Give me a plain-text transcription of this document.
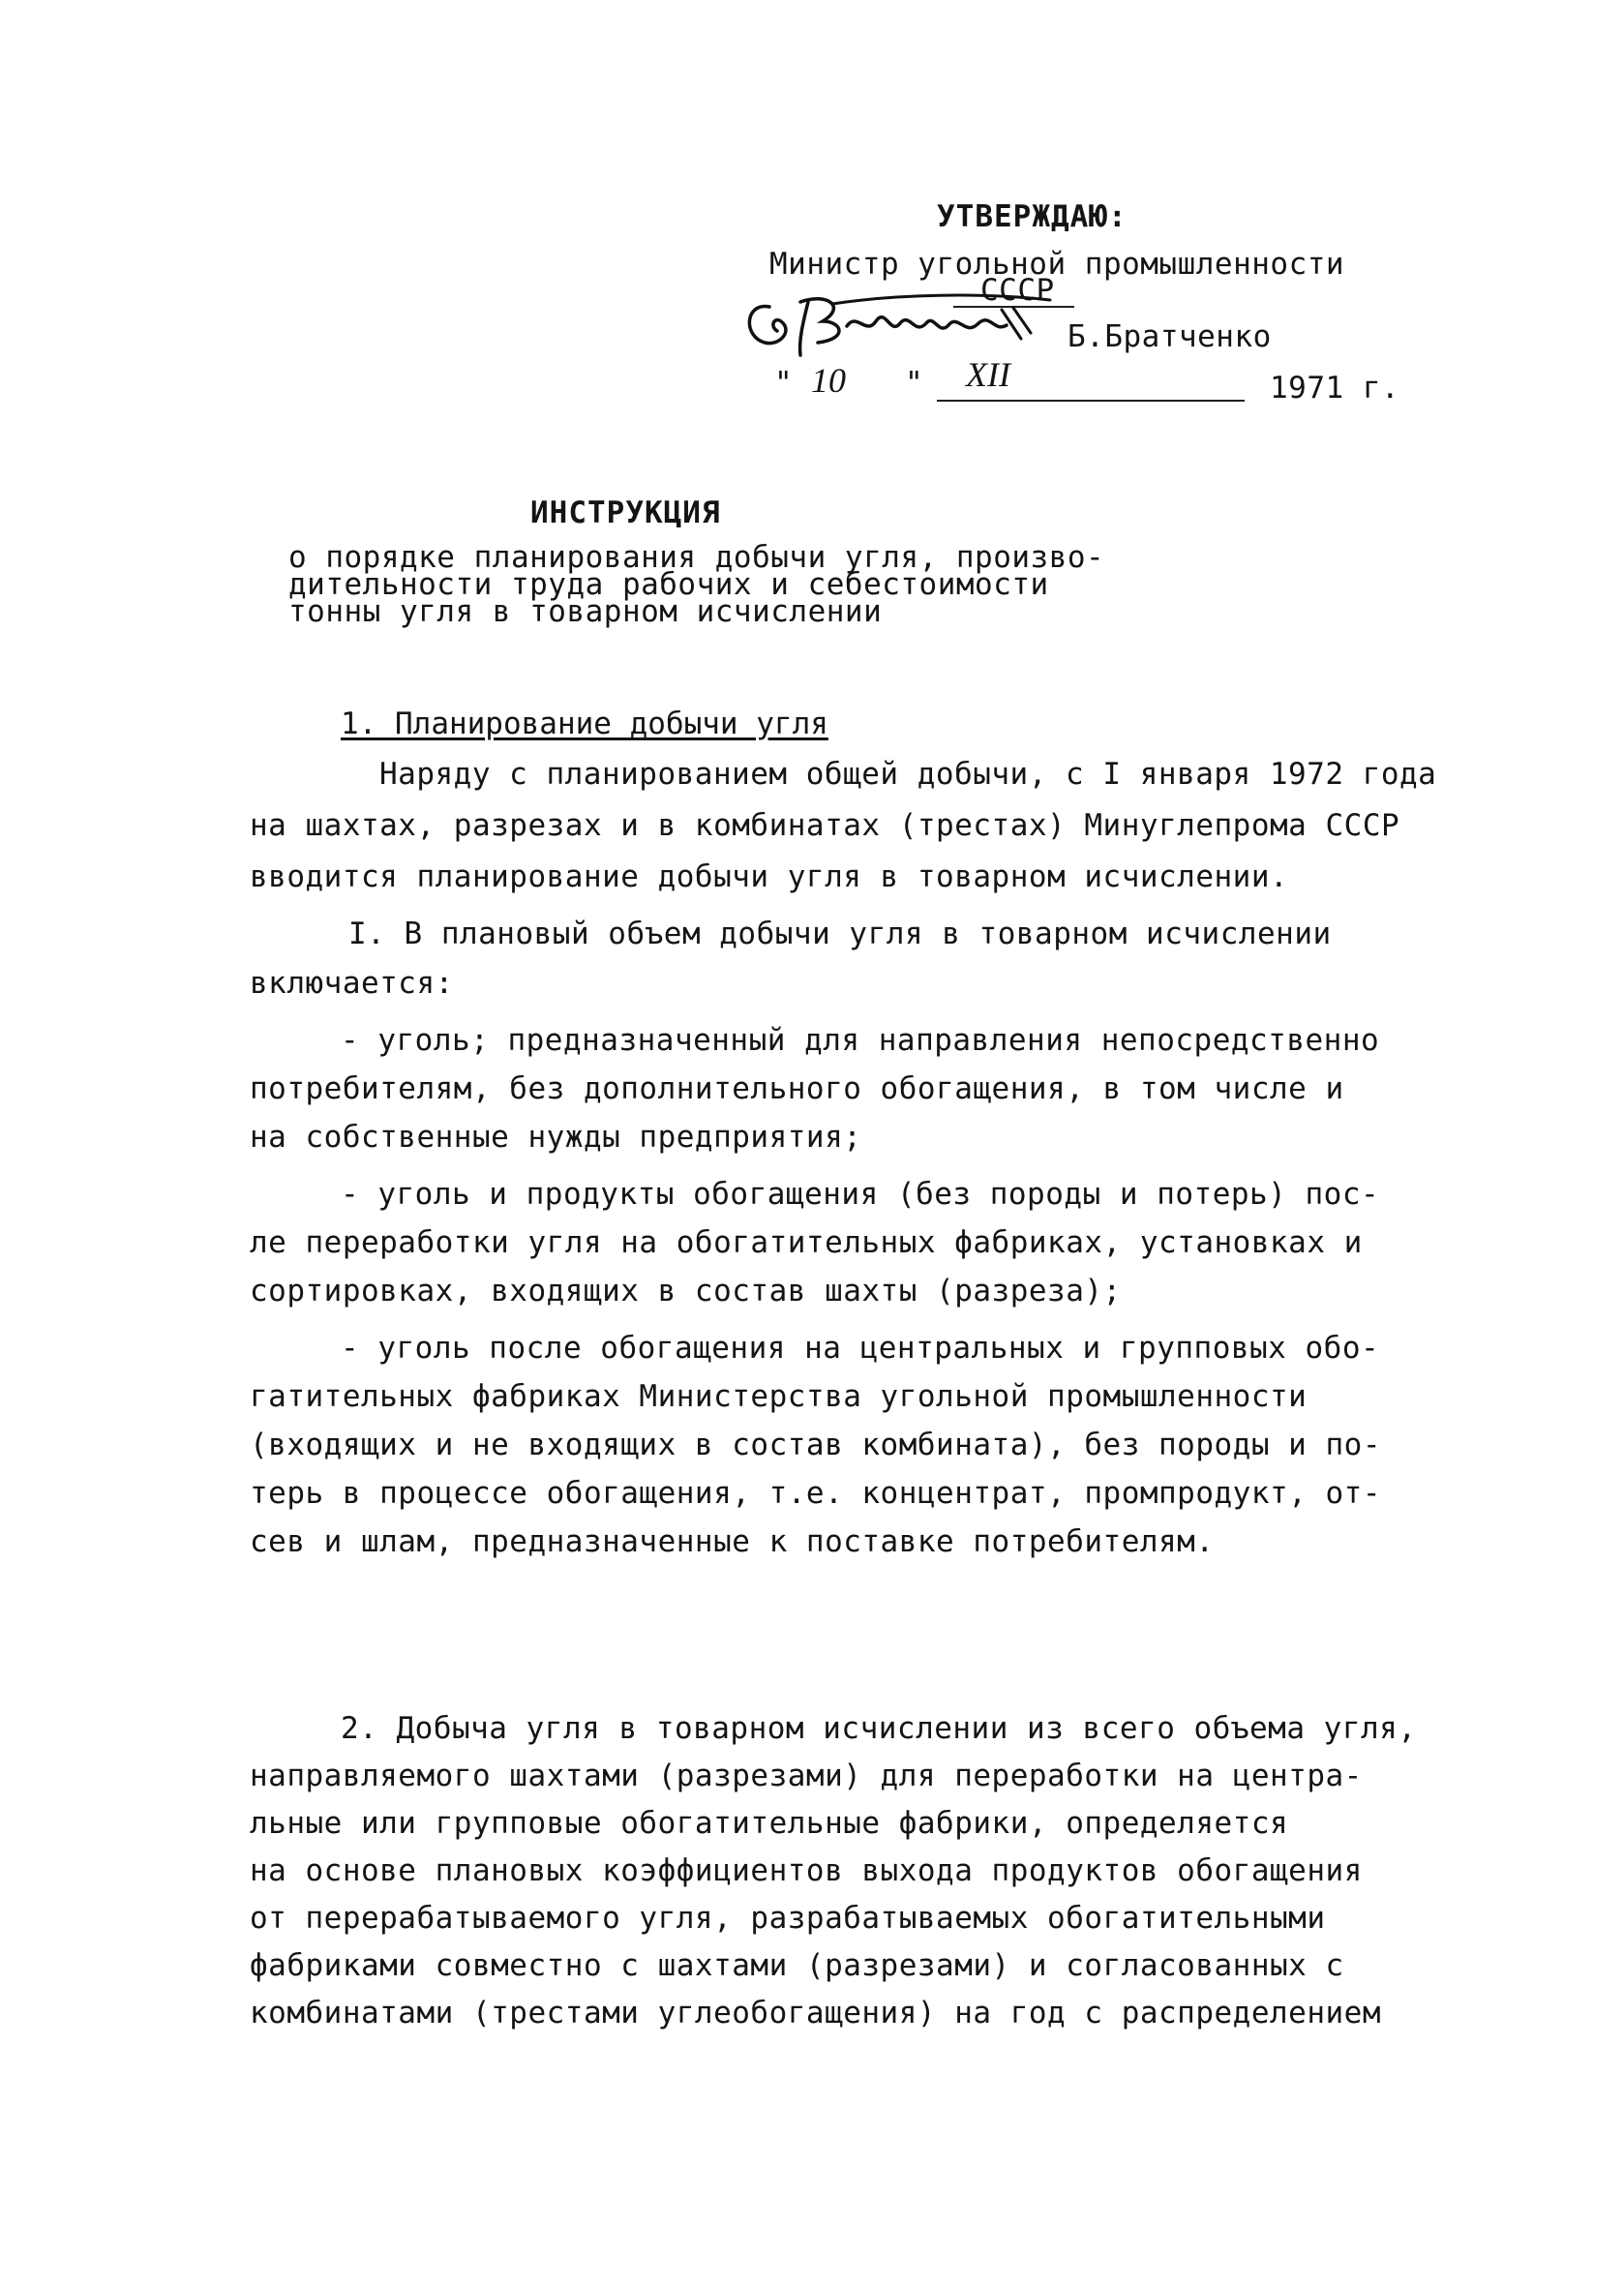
УТВЕРЖДАЮ:
Министр угольной промышленности
СССР
Б.Братченко
" 10 " XII	1971 г.
ИНСТРУКЦИЯ
о порядке планирования добычи угля, произво-
дительности труда рабочих и себестоимости
тонны угля в товарном исчислении
1. Планирование добычи угля
Наряду с планированием общей добычи, с I января 1972 года
на шахтах, разрезах и в комбинатах (трестах) Минуглепрома СССР
вводится планирование добычи угля в товарном исчислении.
I. В плановый объем добычи угля в товарном исчислении
включается:
- уголь; предназначенный для направления непосредственно
потребителям, без дополнительного обогащения, в том числе и
на собственные нужды предприятия;
- уголь и продукты обогащения (без породы и потерь) пос-
ле переработки угля на обогатительных фабриках, установках и
сортировках, входящих в состав шахты (разреза);
- уголь после обогащения на центральных и групповых обо-
гатительных фабриках Министерства угольной промышленности
(входящих и не входящих в состав комбината), без породы и по-
терь в процессе обогащения, т.е. концентрат, промпродукт, от-
сев и шлам, предназначенные к поставке потребителям.
2. Добыча угля в товарном исчислении из всего объема угля,
направляемого шахтами (разрезами) для переработки на центра-
льные или групповые обогатительные фабрики, определяется
на основе плановых коэффициентов выхода продуктов обогащения
от перерабатываемого угля, разрабатываемых обогатительными
фабриками совместно с шахтами (разрезами) и согласованных с
комбинатами (трестами углеобогащения) на год с распределением
